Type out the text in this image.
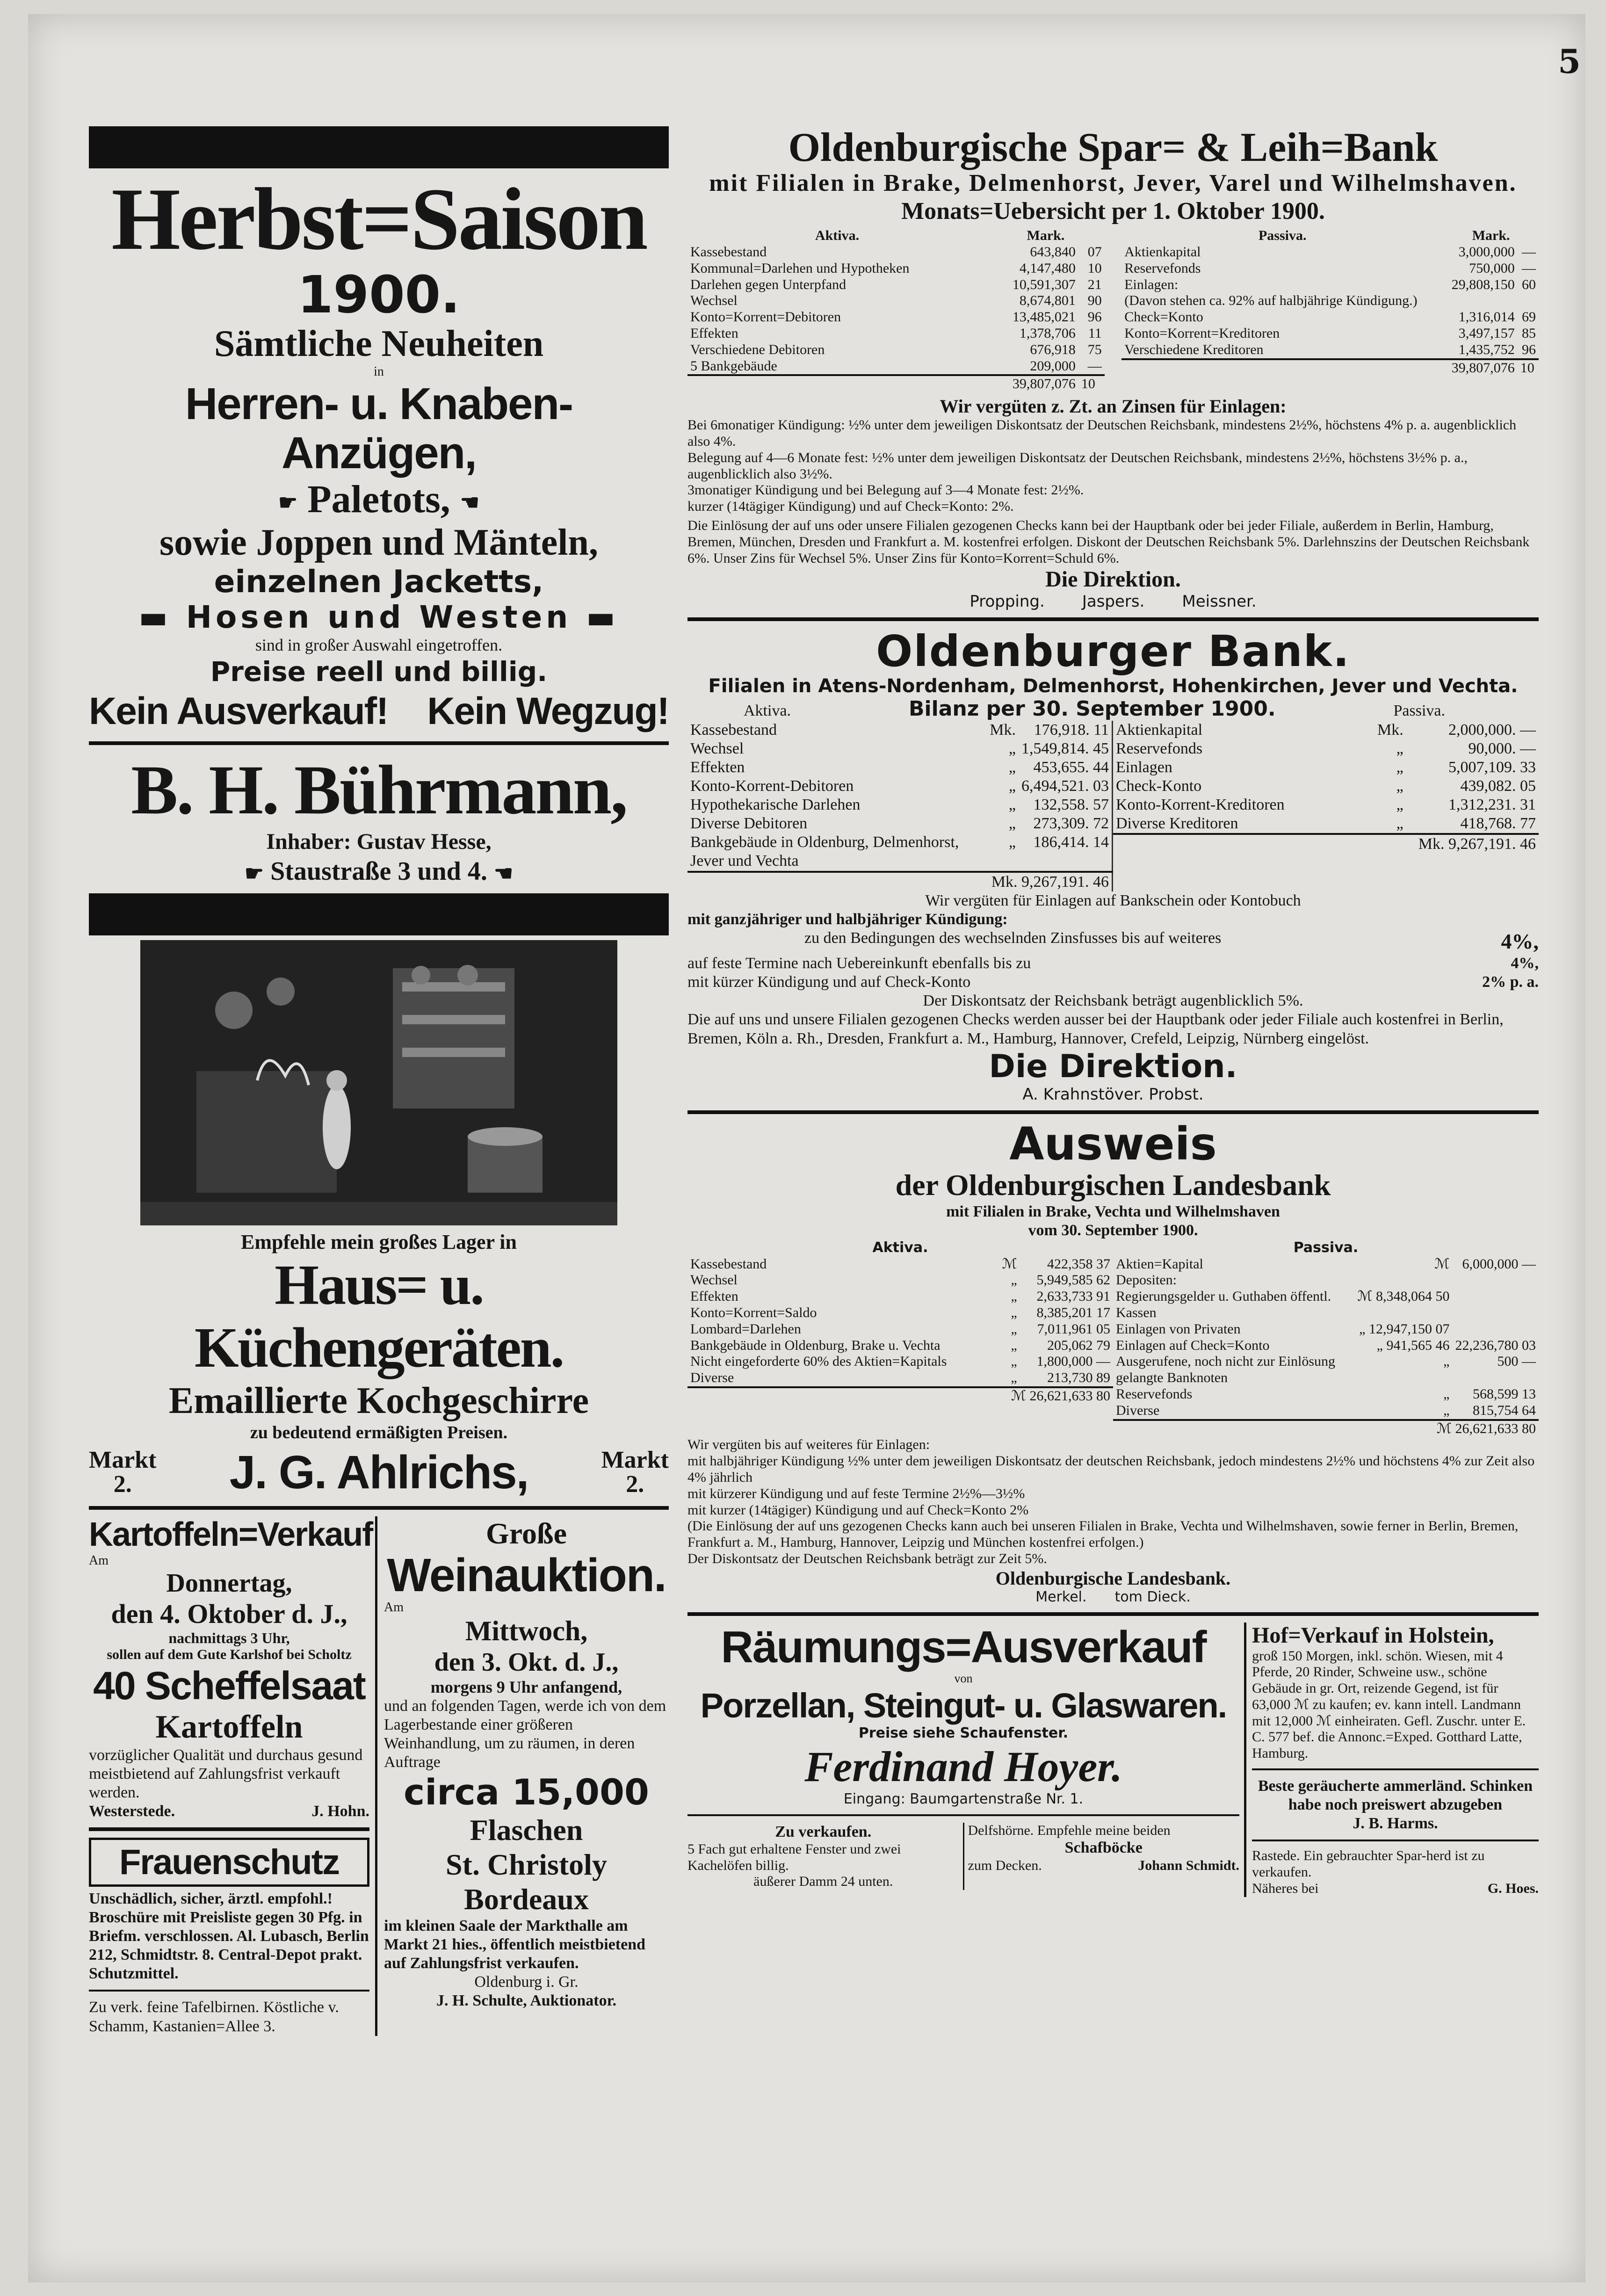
5
Herbst=Saison
1900.
Sämtliche Neuheiten
in
Herren- u. Knaben-Anzügen,
☛ Paletots, ☚
sowie Joppen und Mänteln,
einzelnen Jacketts,
▬ Hosen und Westen ▬
sind in großer Auswahl eingetroffen.
Preise reell und billig.
Kein Ausverkauf! Kein Wegzug!
B. H. Bührmann,
Inhaber: Gustav Hesse,
☛ Staustraße 3 und 4. ☚
Empfehle mein großes Lager in
Haus= u. Küchengeräten.
Emaillierte Kochgeschirre
zu bedeutend ermäßigten Preisen.
Markt
2.	J. G. Ahlrichs,	Markt
2.
Kartoffeln=Verkauf
Am
Donnertag,
den 4. Oktober d. J.,
nachmittags 3 Uhr,
sollen auf dem Gute Karlshof bei Scholtz
40 Scheffelsaat
Kartoffeln
vorzüglicher Qualität und durchaus gesund meistbietend auf Zahlungsfrist verkauft werden.
Westerstede.	J. Hohn.
Frauenschutz
Unschädlich, sicher, ärztl. empfohl.! Broschüre mit Preisliste gegen 30 Pfg. in Briefm. verschlossen. Al. Lubasch, Berlin 212, Schmidtstr. 8. Central-Depot prakt. Schutzmittel.
Zu verk. feine Tafelbirnen. Köstliche v. Schamm, Kastanien=Allee 3.
Große
Weinauktion.
Am
Mittwoch,
den 3. Okt. d. J.,
morgens 9 Uhr anfangend,
und an folgenden Tagen, werde ich von dem Lagerbestande einer größeren Weinhandlung, um zu räumen, in deren Auftrage
circa 15,000
Flaschen
St. Christoly
Bordeaux
im kleinen Saale der Markthalle am Markt 21 hies., öffentlich meistbietend auf Zahlungsfrist verkaufen.
Oldenburg i. Gr.
J. H. Schulte, Auktionator.
Oldenburgische Spar= & Leih=Bank
mit Filialen in Brake, Delmenhorst, Jever, Varel und Wilhelmshaven.
Monats=Uebersicht per 1. Oktober 1900.
Aktiva.	Mark.	
Kassebestand	643,840	07
Kommunal=Darlehen und Hypotheken	4,147,480	10
Darlehen gegen Unterpfand	10,591,307	21
Wechsel	8,674,801	90
Konto=Korrent=Debitoren	13,485,021	96
Effekten	1,378,706	11
Verschiedene Debitoren	676,918	75
5 Bankgebäude	209,000	—
	39,807,076	10
Passiva.	Mark.	
Aktienkapital	3,000,000	—
Reservefonds	750,000	—
Einlagen:	29,808,150	60
(Davon stehen ca. 92% auf halbjährige Kündigung.)		
Check=Konto	1,316,014	69
Konto=Korrent=Kreditoren	3,497,157	85
Verschiedene Kreditoren	1,435,752	96
	39,807,076	10
Wir vergüten z. Zt. an Zinsen für Einlagen:
Bei 6monatiger Kündigung: ½% unter dem jeweiligen Diskontsatz der Deutschen Reichsbank, mindestens 2½%, höchstens 4% p. a. augenblicklich also 4%.
Belegung auf 4—6 Monate fest: ½% unter dem jeweiligen Diskontsatz der Deutschen Reichsbank, mindestens 2½%, höchstens 3½% p. a., augenblicklich also 3½%.
3monatiger Kündigung und bei Belegung auf 3—4 Monate fest: 2½%.
kurzer (14tägiger Kündigung) und auf Check=Konto: 2%.
Die Einlösung der auf uns oder unsere Filialen gezogenen Checks kann bei der Hauptbank oder bei jeder Filiale, außerdem in Berlin, Hamburg, Bremen, München, Dresden und Frankfurt a. M. kostenfrei erfolgen. Diskont der Deutschen Reichsbank 5%. Darlehnszins der Deutschen Reichsbank 6%. Unser Zins für Wechsel 5%. Unser Zins für Konto=Korrent=Schuld 6%.
Die Direktion.
Propping. Jaspers. Meissner.
Oldenburger Bank.
Filialen in Atens-Nordenham, Delmenhorst, Hohenkirchen, Jever und Vechta.
Aktiva.	Bilanz per 30. September 1900.	Passiva.
Kassebestand	Mk.	176,918. 11
Wechsel	„	1,549,814. 45
Effekten	„	453,655. 44
Konto-Korrent-Debitoren	„	6,494,521. 03
Hypothekarische Darlehen	„	132,558. 57
Diverse Debitoren	„	273,309. 72
Bankgebäude in Oldenburg, Delmenhorst, Jever und Vechta	„	186,414. 14
Mk. 9,267,191. 46		
Aktienkapital	Mk.	2,000,000. —
Reservefonds	„	90,000. —
Einlagen	„	5,007,109. 33
Check-Konto	„	439,082. 05
Konto-Korrent-Kreditoren	„	1,312,231. 31
Diverse Kreditoren	„	418,768. 77
Mk. 9,267,191. 46		
Wir vergüten für Einlagen auf Bankschein oder Kontobuch
mit ganzjähriger und halbjähriger Kündigung:
zu den Bedingungen des wechselnden Zinsfusses bis auf weiteres	4%,
auf feste Termine nach Uebereinkunft ebenfalls bis zu	4%,
mit kürzer Kündigung und auf Check-Konto	2% p. a.
Der Diskontsatz der Reichsbank beträgt augenblicklich 5%.
Die auf uns und unsere Filialen gezogenen Checks werden ausser bei der Hauptbank oder jeder Filiale auch kostenfrei in Berlin, Bremen, Köln a. Rh., Dresden, Frankfurt a. M., Hamburg, Hannover, Crefeld, Leipzig, Nürnberg eingelöst.
Die Direktion.
A. Krahnstöver. Probst.
Ausweis
der Oldenburgischen Landesbank
mit Filialen in Brake, Vechta und Wilhelmshaven
vom 30. September 1900.
Aktiva.
Kassebestand	ℳ	422,358 37
Wechsel	„	5,949,585 62
Effekten	„	2,633,733 91
Konto=Korrent=Saldo	„	8,385,201 17
Lombard=Darlehen	„	7,011,961 05
Bankgebäude in Oldenburg, Brake u. Vechta	„	205,062 79
Nicht eingeforderte 60% des Aktien=Kapitals	„	1,800,000 —
Diverse	„	213,730 89
ℳ 26,621,633 80		
Passiva.
Aktien=Kapital	ℳ	6,000,000 —
Depositen:		
Regierungsgelder u. Guthaben öffentl. Kassen	ℳ 8,348,064 50	
Einlagen von Privaten	„ 12,947,150 07	
Einlagen auf Check=Konto	„ 941,565 46	22,236,780 03
Ausgerufene, noch nicht zur Einlösung gelangte Banknoten	„	500 —
Reservefonds	„	568,599 13
Diverse	„	815,754 64
ℳ 26,621,633 80		
Wir vergüten bis auf weiteres für Einlagen:
mit halbjähriger Kündigung ½% unter dem jeweiligen Diskontsatz der deutschen Reichsbank, jedoch mindestens 2½% und höchstens 4% zur Zeit also 4% jährlich
mit kürzerer Kündigung und auf feste Termine 2½%—3½%
mit kurzer (14tägiger) Kündigung und auf Check=Konto 2%
(Die Einlösung der auf uns gezogenen Checks kann auch bei unseren Filialen in Brake, Vechta und Wilhelmshaven, sowie ferner in Berlin, Bremen, Frankfurt a. M., Hamburg, Hannover, Leipzig und München kostenfrei erfolgen.)
Der Diskontsatz der Deutschen Reichsbank beträgt zur Zeit 5%.
Oldenburgische Landesbank.
Merkel. tom Dieck.
Räumungs=Ausverkauf
von
Porzellan, Steingut- u. Glaswaren.
Preise siehe Schaufenster.
Ferdinand Hoyer.
Eingang: Baumgartenstraße Nr. 1.
Zu verkaufen.
5 Fach gut erhaltene Fenster und zwei Kachelöfen billig.
äußerer Damm 24 unten.
Delfshörne. Empfehle meine beiden
Schafböcke
zum Decken.	Johann Schmidt.
Hof=Verkauf in Holstein,
groß 150 Morgen, inkl. schön. Wiesen, mit 4 Pferde, 20 Rinder, Schweine usw., schöne Gebäude in gr. Ort, reizende Gegend, ist für 63,000 ℳ zu kaufen; ev. kann intell. Landmann mit 12,000 ℳ einheiraten. Gefl. Zuschr. unter E. C. 577 bef. die Annonc.=Exped. Gotthard Latte, Hamburg.
Beste geräucherte ammerländ. Schinken habe noch preiswert abzugeben
J. B. Harms.
Rastede. Ein gebrauchter Spar-herd ist zu verkaufen.
Näheres bei	G. Hoes.
